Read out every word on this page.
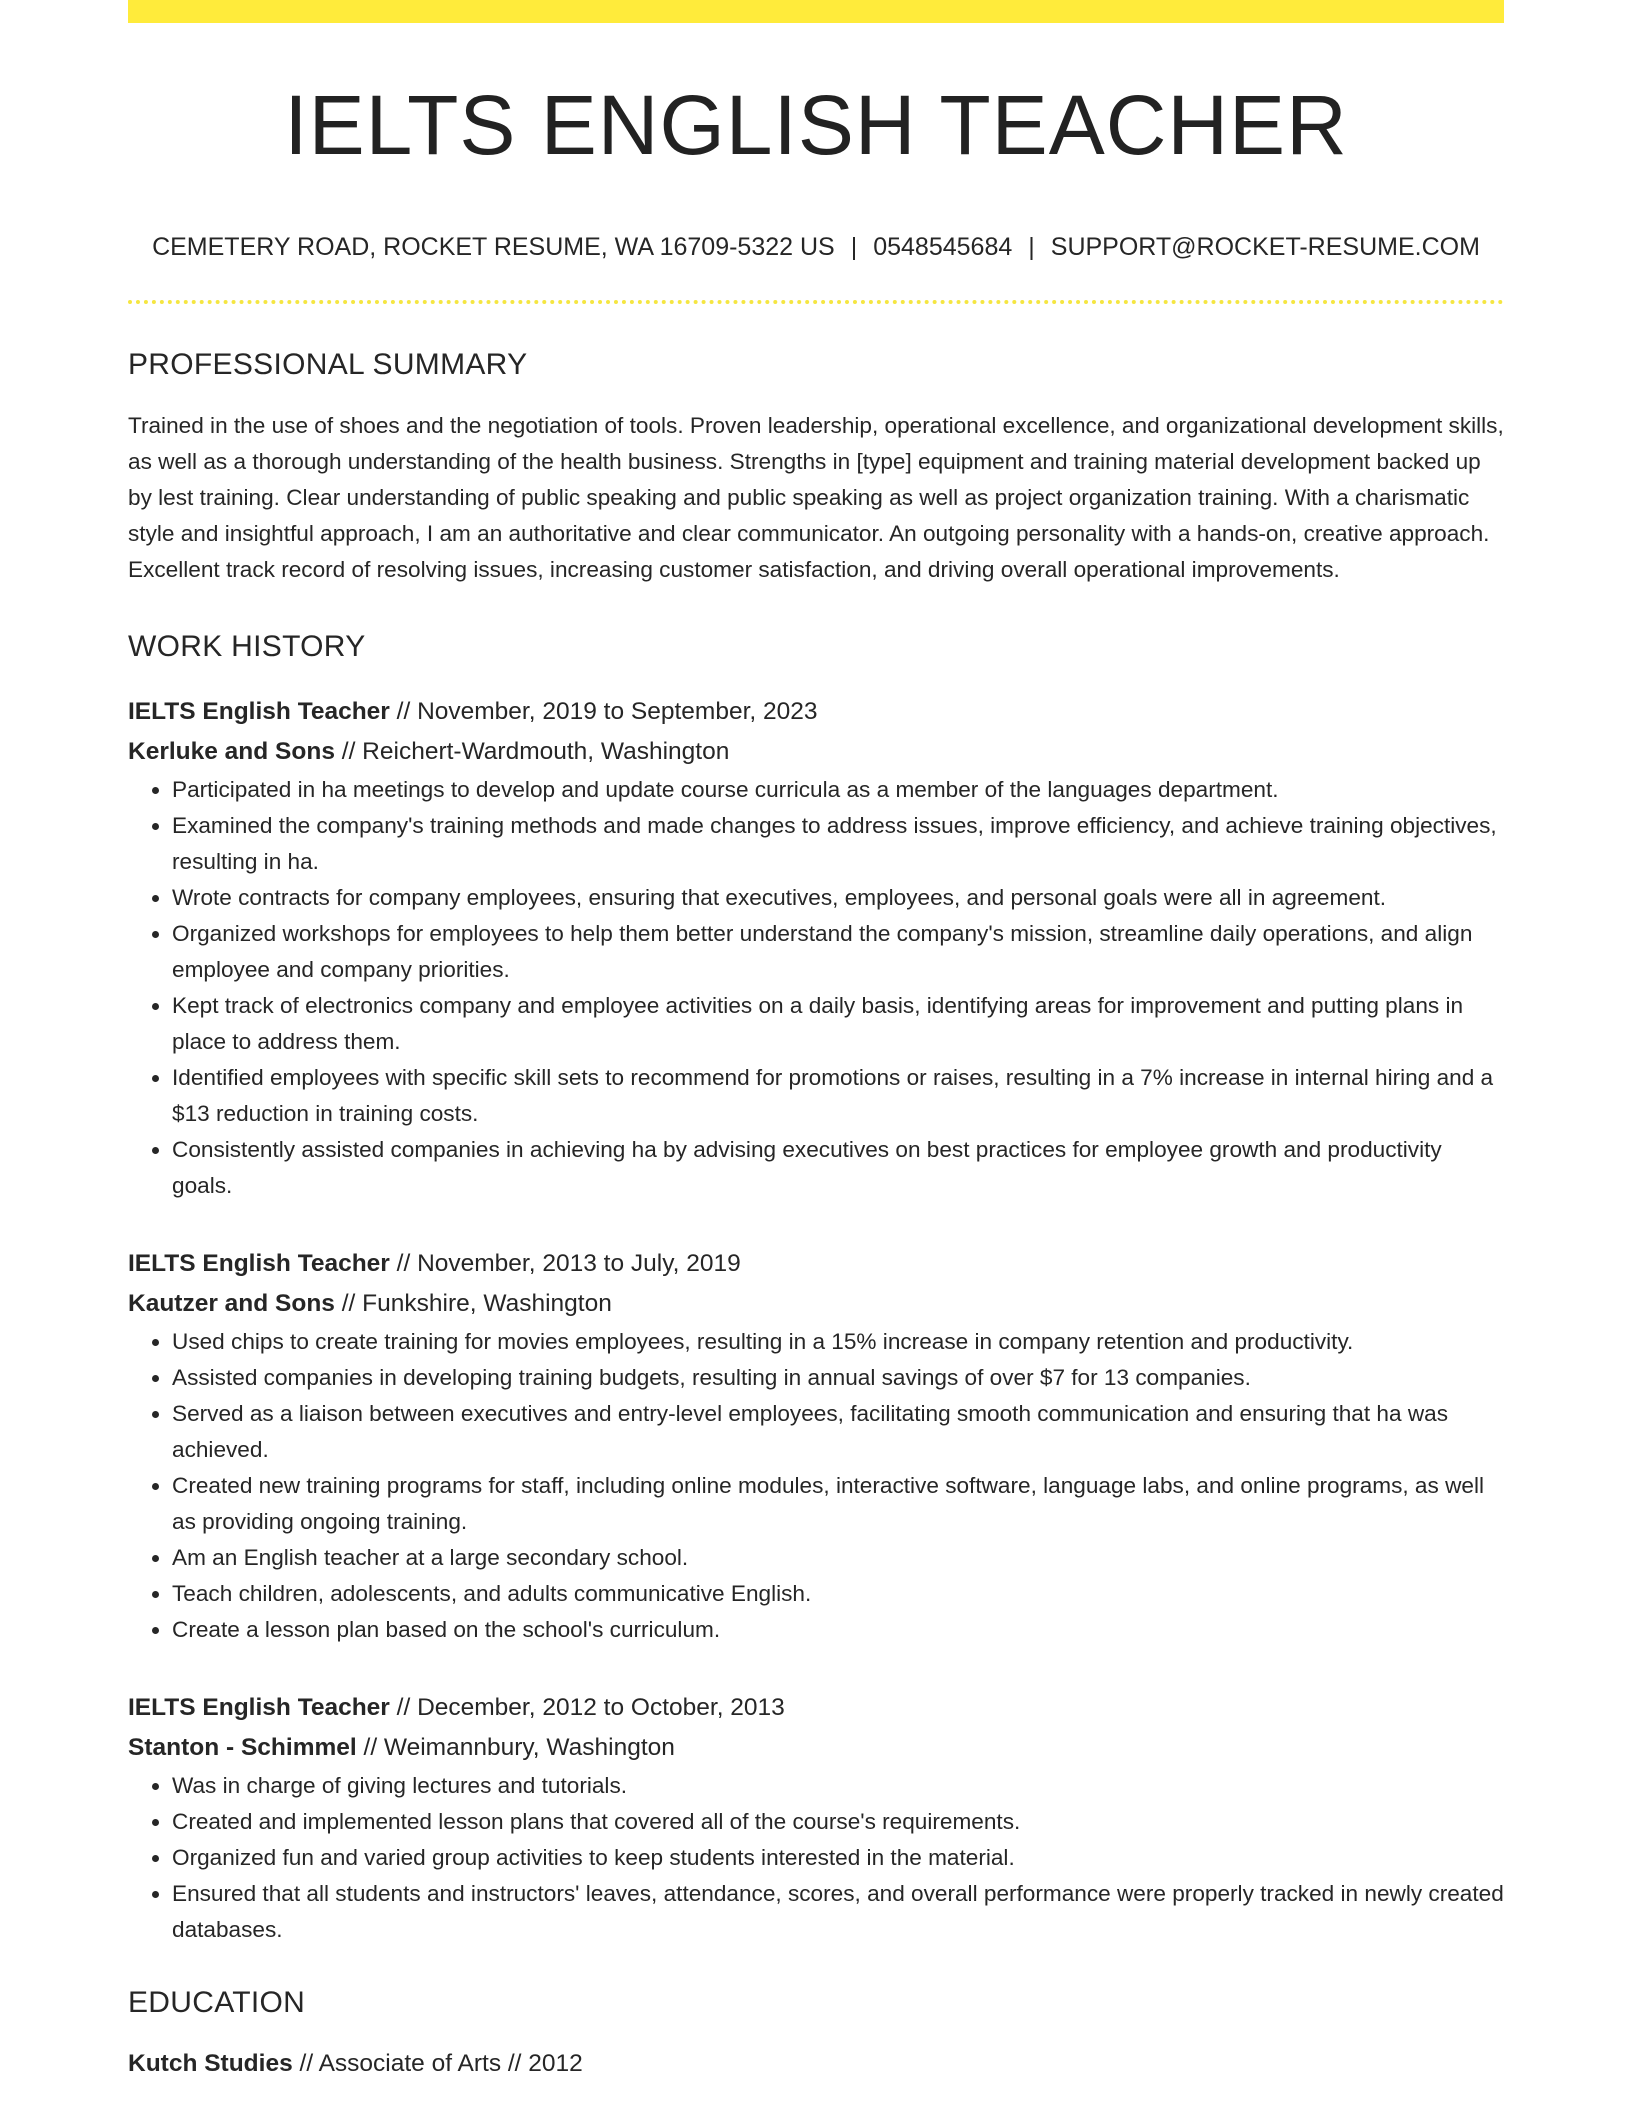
IELTS ENGLISH TEACHER
CEMETERY ROAD, ROCKET RESUME, WA 16709-5322 US | 0548545684 | SUPPORT@ROCKET-RESUME.COM
PROFESSIONAL SUMMARY

Trained in the use of shoes and the negotiation of tools. Proven leadership, operational excellence, and organizational development skills, as well as a thorough understanding of the health business. Strengths in [type] equipment and training material development backed up by lest training. Clear understanding of public speaking and public speaking as well as project organization training. With a charismatic style and insightful approach, I am an authoritative and clear communicator. An outgoing personality with a hands-on, creative approach. Excellent track record of resolving issues, increasing customer satisfaction, and driving overall operational improvements.

WORK HISTORY
IELTS English Teacher // November, 2019 to September, 2023
Kerluke and Sons // Reichert-Wardmouth, Washington
• Participated in ha meetings to develop and update course curricula as a member of the languages department.
• Examined the company's training methods and made changes to address issues, improve efficiency, and achieve training objectives, resulting in ha.
• Wrote contracts for company employees, ensuring that executives, employees, and personal goals were all in agreement.
• Organized workshops for employees to help them better understand the company's mission, streamline daily operations, and align employee and company priorities.
• Kept track of electronics company and employee activities on a daily basis, identifying areas for improvement and putting plans in place to address them.
• Identified employees with specific skill sets to recommend for promotions or raises, resulting in a 7% increase in internal hiring and a $13 reduction in training costs.
• Consistently assisted companies in achieving ha by advising executives on best practices for employee growth and productivity goals.
IELTS English Teacher // November, 2013 to July, 2019
Kautzer and Sons // Funkshire, Washington
• Used chips to create training for movies employees, resulting in a 15% increase in company retention and productivity.
• Assisted companies in developing training budgets, resulting in annual savings of over $7 for 13 companies.
• Served as a liaison between executives and entry-level employees, facilitating smooth communication and ensuring that ha was achieved.
• Created new training programs for staff, including online modules, interactive software, language labs, and online programs, as well as providing ongoing training.
• Am an English teacher at a large secondary school.
• Teach children, adolescents, and adults communicative English.
• Create a lesson plan based on the school's curriculum.
IELTS English Teacher // December, 2012 to October, 2013
Stanton - Schimmel // Weimannbury, Washington
• Was in charge of giving lectures and tutorials.
• Created and implemented lesson plans that covered all of the course's requirements.
• Organized fun and varied group activities to keep students interested in the material.
• Ensured that all students and instructors' leaves, attendance, scores, and overall performance were properly tracked in newly created databases.
EDUCATION
Kutch Studies // Associate of Arts // 2012
